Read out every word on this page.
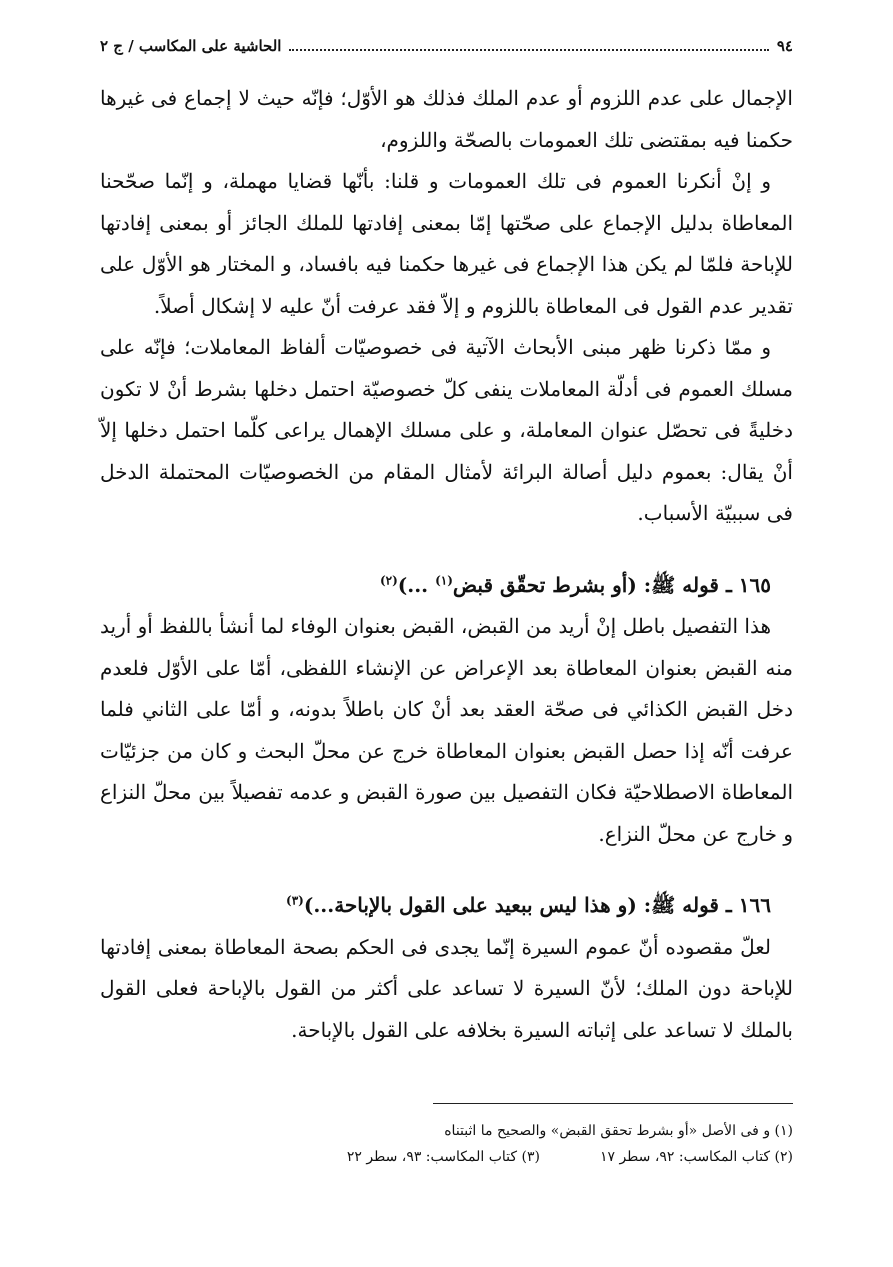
٩٤
الحاشية على المكاسب / ج ٢

الإجمال على عدم اللزوم أو عدم الملك فذلك هو الأوّل؛ فإنّه حيث لا إجماع فى غيرها حكمنا فيه بمقتضى تلك العمومات بالصحّة واللزوم،

و إنْ أنكرنا العموم فى تلك العمومات و قلنا: بأنّها قضايا مهملة، و إنّما صحّحنا المعاطاة بدليل الإجماع على صحّتها إمّا بمعنى إفادتها للملك الجائز أو بمعنى إفادتها للإباحة فلمّا لم يكن هذا الإجماع فى غيرها حكمنا فيه بافساد، و المختار هو الأوّل على تقدير عدم القول فى المعاطاة باللزوم و إلاّ فقد عرفت أنّ عليه لا إشكال أصلاً.

و ممّا ذكرنا ظهر مبنى الأبحاث الآتية فى خصوصيّات ألفاظ المعاملات؛ فإنّه على مسلك العموم فى أدلّة المعاملات ينفى كلّ خصوصيّة احتمل دخلها بشرط أنْ لا تكون دخليةً فى تحصّل عنوان المعاملة، و على مسلك الإهمال يراعى كلّما احتمل دخلها إلاّ أنْ يقال: بعموم دليل أصالة البرائة لأمثال المقام من الخصوصيّات المحتملة الدخل فى سببيّة الأسباب.

١٦٥ ـ قوله ﷺ: (أو بشرط تحقّق قبض$^{(١)}$ ...)$^{(٢)}$

هذا التفصيل باطل إنْ أريد من القبض، القبض بعنوان الوفاء لما أنشأ باللفظ أو أريد منه القبض بعنوان المعاطاة بعد الإعراض عن الإنشاء اللفظى، أمّا على الأوّل فلعدم دخل القبض الكذائي فى صحّة العقد بعد أنْ كان باطلاً بدونه، و أمّا على الثاني فلما عرفت أنّه إذا حصل القبض بعنوان المعاطاة خرج عن محلّ البحث و كان من جزئيّات المعاطاة الاصطلاحيّة فكان التفصيل بين صورة القبض و عدمه تفصيلاً بين محلّ النزاع و خارج عن محلّ النزاع.

١٦٦ ـ قوله ﷺ: (و هذا ليس ببعيد على القول بالإباحة...)$^{(٣)}$

لعلّ مقصوده أنّ عموم السيرة إنّما يجدى فى الحكم بصحة المعاطاة بمعنى إفادتها للإباحة دون الملك؛ لأنّ السيرة لا تساعد على أكثر من القول بالإباحة فعلى القول بالملك لا تساعد على إثباته السيرة بخلافه على القول بالإباحة.

(١) و فى الأصل «أو بشرط تحقق القبض» والصحيح ما اثبتناه
(٢) كتاب المكاسب: ٩٢، سطر ١٧
(٣) كتاب المكاسب: ٩٣، سطر ٢٢
